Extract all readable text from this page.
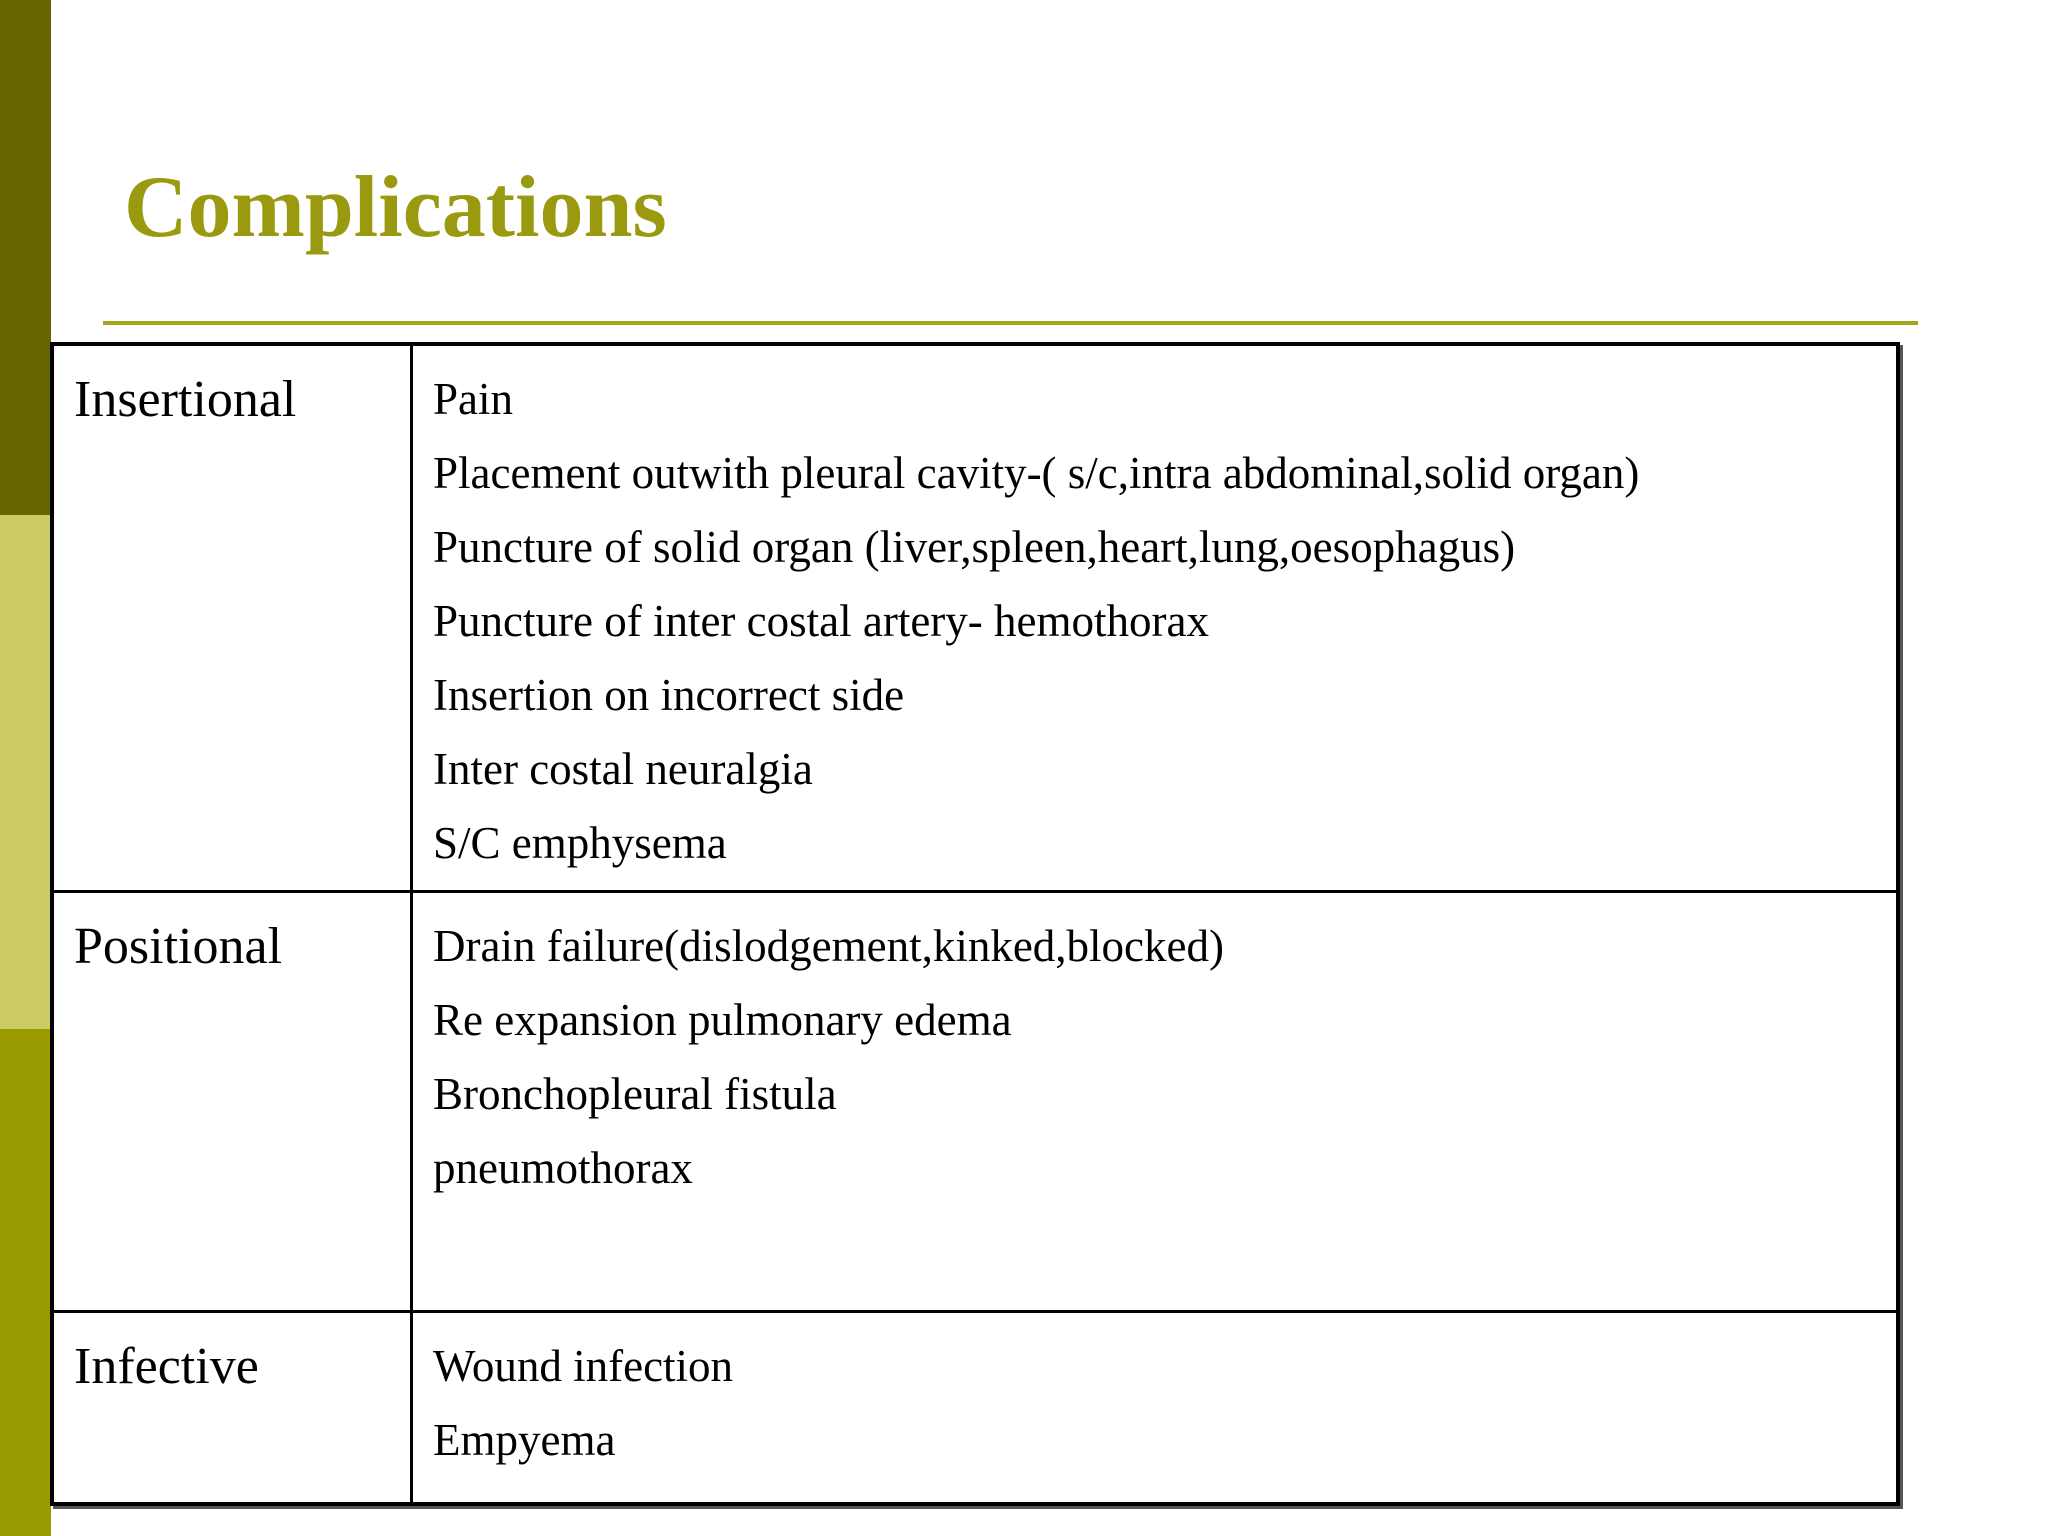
Complications
Insertional	Pain
Placement outwith pleural cavity-( s/c,intra abdominal,solid organ)
Puncture of solid organ (liver,spleen,heart,lung,oesophagus)
Puncture of inter costal artery- hemothorax
Insertion on incorrect side
Inter costal neuralgia
S/C emphysema
Positional	Drain failure(dislodgement,kinked,blocked)
Re expansion pulmonary edema
Bronchopleural fistula
pneumothorax
Infective	Wound infection
Empyema
